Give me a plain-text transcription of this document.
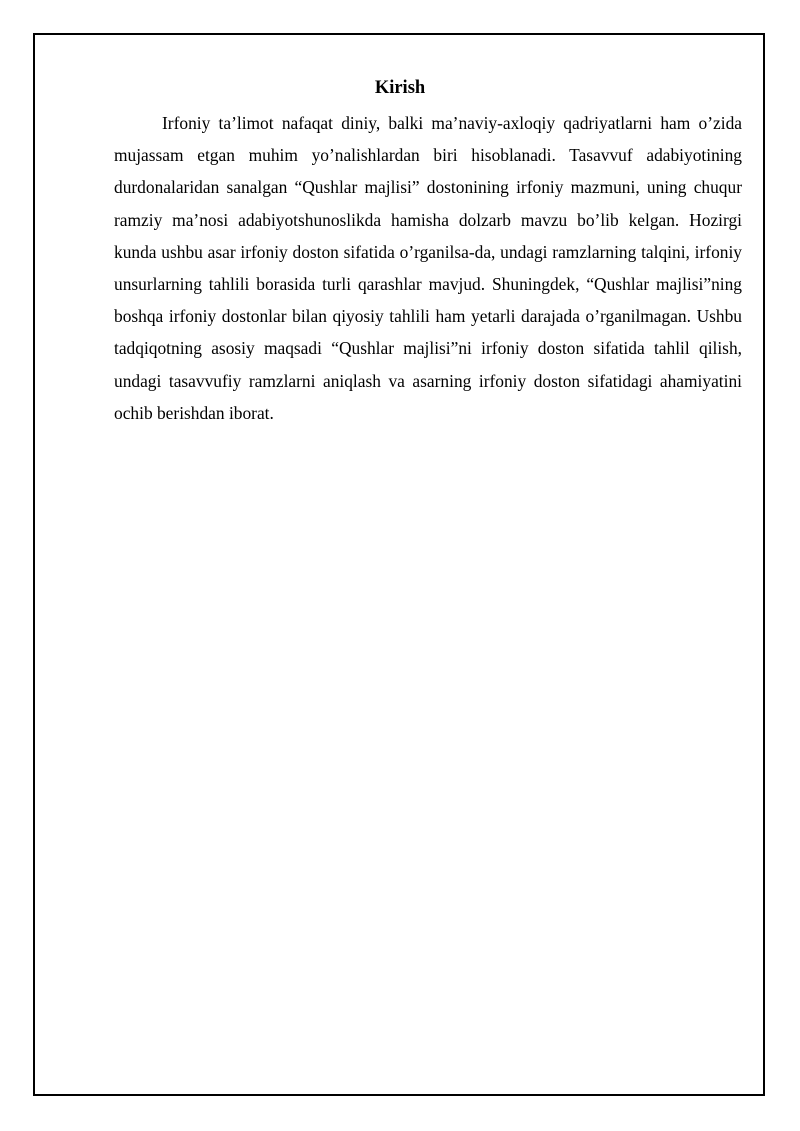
Kirish

Irfoniy ta’limot nafaqat diniy, balki ma’naviy-axloqiy qadriyatlarni ham o’zida mujassam etgan muhim yo’nalishlardan biri hisoblanadi. Tasavvuf adabiyotining durdonalaridan sanalgan “Qushlar majlisi” dostonining irfoniy mazmuni, uning chuqur ramziy ma’nosi adabiyotshunoslikda hamisha dolzarb mavzu bo’lib kelgan. Hozirgi kunda ushbu asar irfoniy doston sifatida o’rganilsa-da, undagi ramzlarning talqini, irfoniy unsurlarning tahlili borasida turli qarashlar mavjud. Shuningdek, “Qushlar majlisi”ning boshqa irfoniy dostonlar bilan qiyosiy tahlili ham yetarli darajada o’rganilmagan. Ushbu tadqiqotning asosiy maqsadi “Qushlar majlisi”ni irfoniy doston sifatida tahlil qilish, undagi tasavvufiy ramzlarni aniqlash va asarning irfoniy doston sifatidagi ahamiyatini ochib berishdan iborat.
